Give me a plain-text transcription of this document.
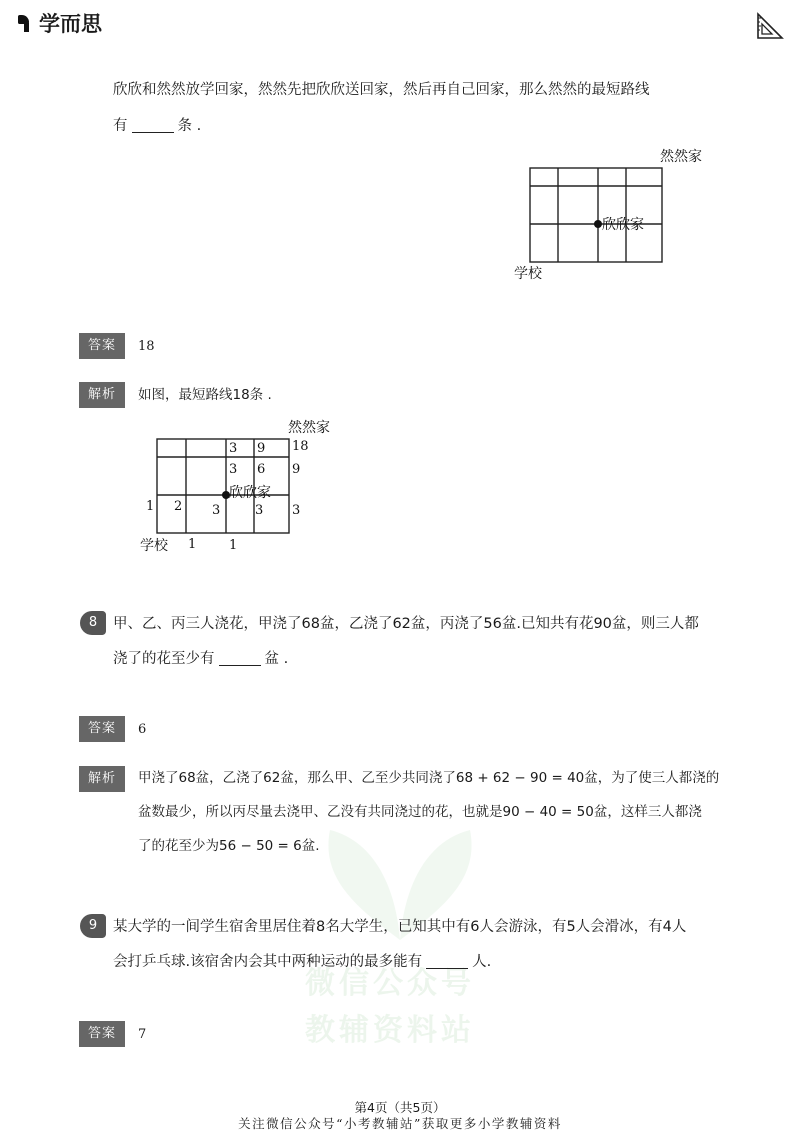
微信公众号
教辅资料站
学而思
欣欣和然然放学回家，然然先把欣欣送回家，然后再自己回家，那么然然的最短路线
有	条 .
然然家
欣欣家
学校
答案	18
解析	如图，最短路线18条 .
3 9 18
3 6 9
1 2 3	3 3
1	1
然然家
欣欣家
学校
8	甲、乙、丙三人浇花，甲浇了68盆，乙浇了62盆，丙浇了56盆.已知共有花90盆，则三人都
浇了的花至少有	盆 .
答案	6
解析	甲浇了68盆，乙浇了62盆，那么甲、乙至少共同浇了68 + 62 − 90 = 40盆，为了使三人都浇的
盆数最少，所以丙尽量去浇甲、乙没有共同浇过的花，也就是90 − 40 = 50盆，这样三人都浇
了的花至少为56 − 50 = 6盆.
9	某大学的一间学生宿舍里居住着8名大学生，已知其中有6人会游泳，有5人会滑冰，有4人
会打乒乓球.该宿舍内会其中两种运动的最多能有	人.
答案	7
第4页（共5页）
关注微信公众号“小考教辅站”获取更多小学教辅资料
